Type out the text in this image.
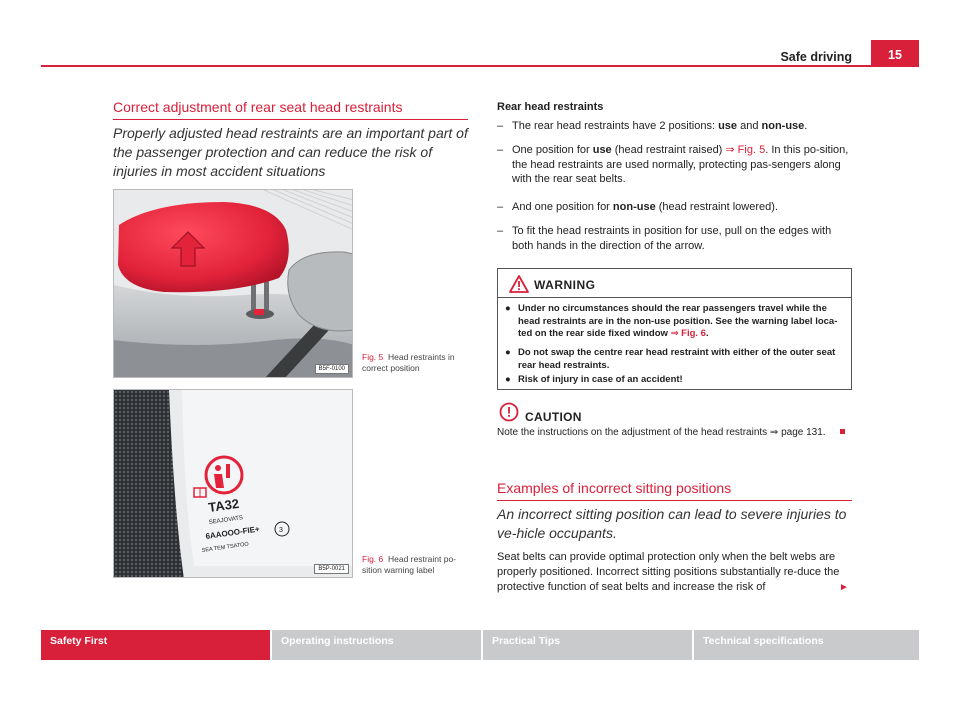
Safe driving	15
Correct adjustment of rear seat head restraints
Properly adjusted head restraints are an important part of the passenger protection and can reduce the risk of injuries in most accident situations
B5F-0100
Fig. 5 Head restraints in correct position
TA32
SEAJOVATS
6AAOOO-FIE+	3
SEA TEM TSATOO
B5P-0021
Fig. 6 Head restraint po-sition warning label
Rear head restraints
– The rear head restraints have 2 positions: use and non-use.
– One position for use (head restraint raised) ⇒ Fig. 5. In this po-sition, the head restraints are used normally, protecting pas-sengers along with the rear seat belts.
– And one position for non-use (head restraint lowered).
– To fit the head restraints in position for use, pull on the edges with both hands in the direction of the arrow.
WARNING
● Under no circumstances should the rear passengers travel while the head restraints are in the non-use position. See the warning label loca-ted on the rear side fixed window ⇒ Fig. 6.
● Do not swap the centre rear head restraint with either of the outer seat rear head restraints.
● Risk of injury in case of an accident!
CAUTION
Note the instructions on the adjustment of the head restraints ⇒ page 131.
Examples of incorrect sitting positions
An incorrect sitting position can lead to severe injuries to ve-hicle occupants.
Seat belts can provide optimal protection only when the belt webs are properly positioned. Incorrect sitting positions substantially re-duce the protective function of seat belts and increase the risk of	►
Safety First	Operating instructions	Practical Tips	Technical specifications
